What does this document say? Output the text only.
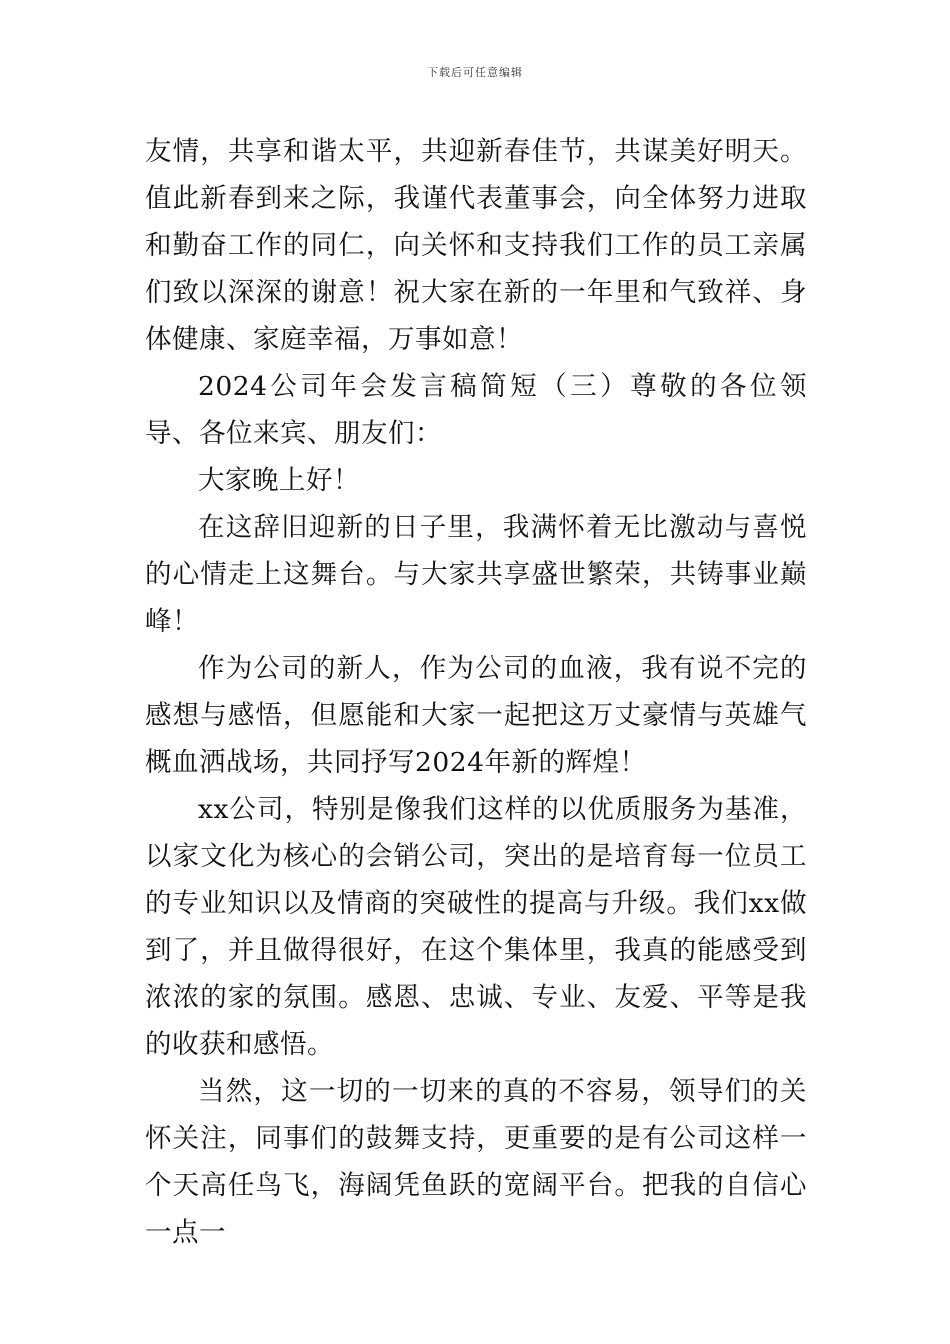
下载后可任意编辑

友情，共享和谐太平，共迎新春佳节，共谋美好明天。值此新春到来之际，我谨代表董事会，向全体努力进取和勤奋工作的同仁，向关怀和支持我们工作的员工亲属们致以深深的谢意！祝大家在新的一年里和气致祥、身体健康、家庭幸福，万事如意！

2024公司年会发言稿简短（三）尊敬的各位领导、各位来宾、朋友们：

大家晚上好！

在这辞旧迎新的日子里，我满怀着无比激动与喜悦的心情走上这舞台。与大家共享盛世繁荣，共铸事业巅峰！

作为公司的新人，作为公司的血液，我有说不完的感想与感悟，但愿能和大家一起把这万丈豪情与英雄气概血洒战场，共同抒写2024年新的辉煌！

xx公司，特别是像我们这样的以优质服务为基准，以家文化为核心的会销公司，突出的是培育每一位员工的专业知识以及情商的突破性的提高与升级。我们xx做到了，并且做得很好，在这个集体里，我真的能感受到浓浓的家的氛围。感恩、忠诚、专业、友爱、平等是我的收获和感悟。

当然，这一切的一切来的真的不容易，领导们的关怀关注，同事们的鼓舞支持，更重要的是有公司这样一个天高任鸟飞，海阔凭鱼跃的宽阔平台。把我的自信心一点一
